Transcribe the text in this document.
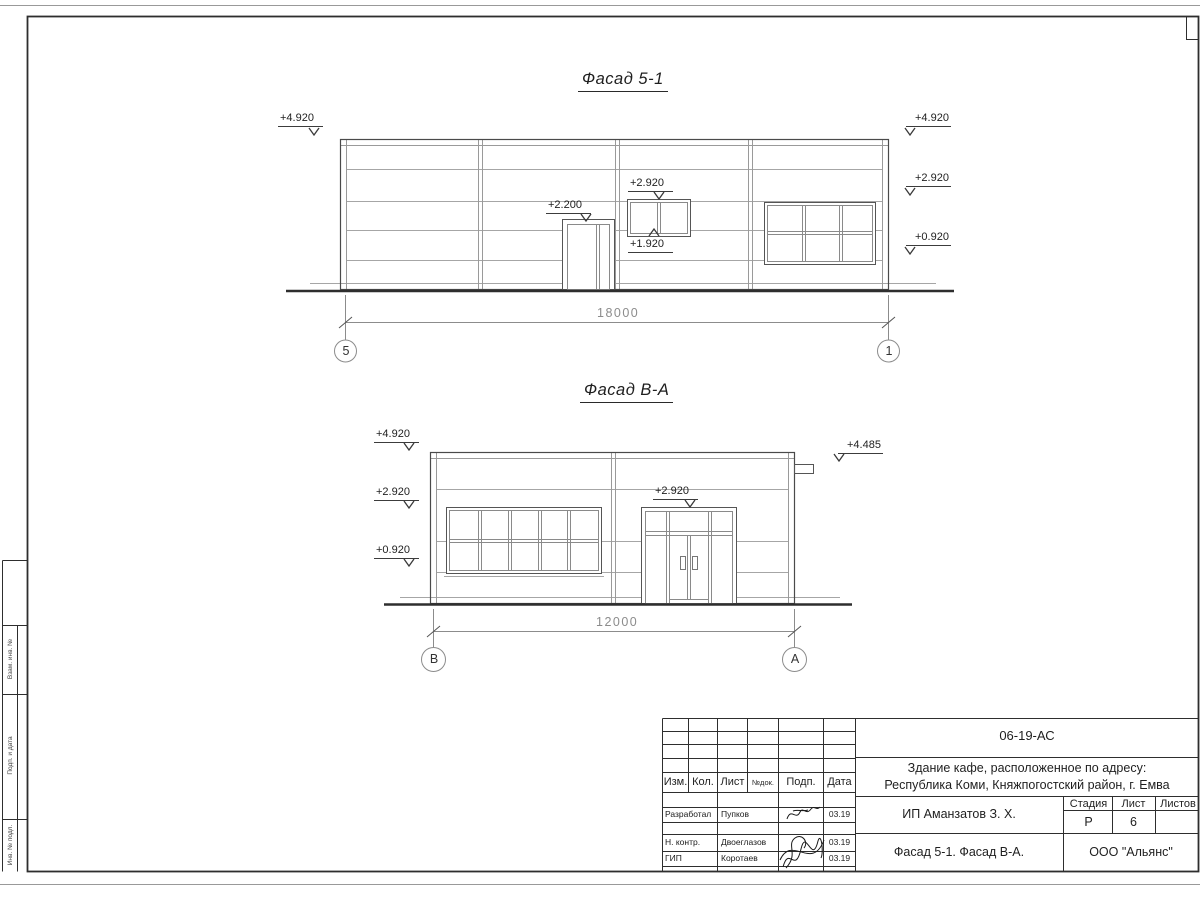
Фасад 5-1
Фасад В-А
+4.920
+2.200
+2.920
+1.920
+4.920
+2.920
+0.920
18000
5	1
+4.920
+2.920
+0.920
+4.485
+2.920
12000
В	А
Взам. инв. №
Подп. и дата
Инв. № подл.
06-19-АС
Здание кафе, расположенное по адресу:
Республика Коми, Княжпогостский район, г. Емва
ИП Аманзатов З. Х.
Стадия	Лист	Листов
Р	6
Фасад 5-1. Фасад В-А.	ООО "Альянс"
Изм. Кол. Лист	№док.	Подп.	Дата
Разработал Пупков	03.19
Н. контр. Двоеглазов	03.19
ГИП	Коротаев	03.19
